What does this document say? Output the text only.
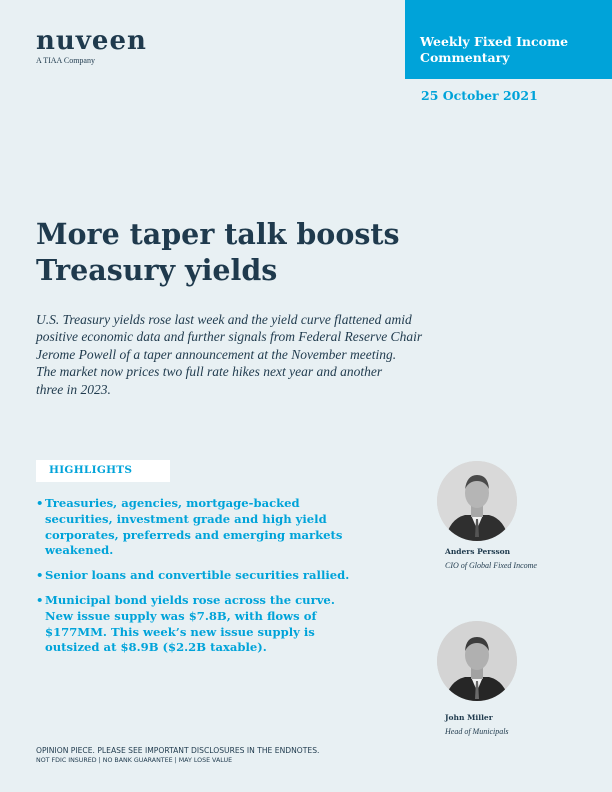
nuveen
A TIAA Company
Weekly Fixed Income
Commentary
25 October 2021
More taper talk boosts
Treasury yields

U.S. Treasury yields rose last week and the yield curve flattened amid
positive economic data and further signals from Federal Reserve Chair
Jerome Powell of a taper announcement at the November meeting.
The market now prices two full rate hikes next year and another
three in 2023.

HIGHLIGHTS
• Treasuries, agencies, mortgage-backed
securities, investment grade and high yield
corporates, preferreds and emerging markets
weakened.
• Senior loans and convertible securities rallied.
• Municipal bond yields rose across the curve.
New issue supply was $7.8B, with flows of
$177MM. This week’s new issue supply is
outsized at $8.9B ($2.2B taxable).
Anders Persson
CIO of Global Fixed Income
John Miller
Head of Municipals
OPINION PIECE. PLEASE SEE IMPORTANT DISCLOSURES IN THE ENDNOTES.
NOT FDIC INSURED | NO BANK GUARANTEE | MAY LOSE VALUE
